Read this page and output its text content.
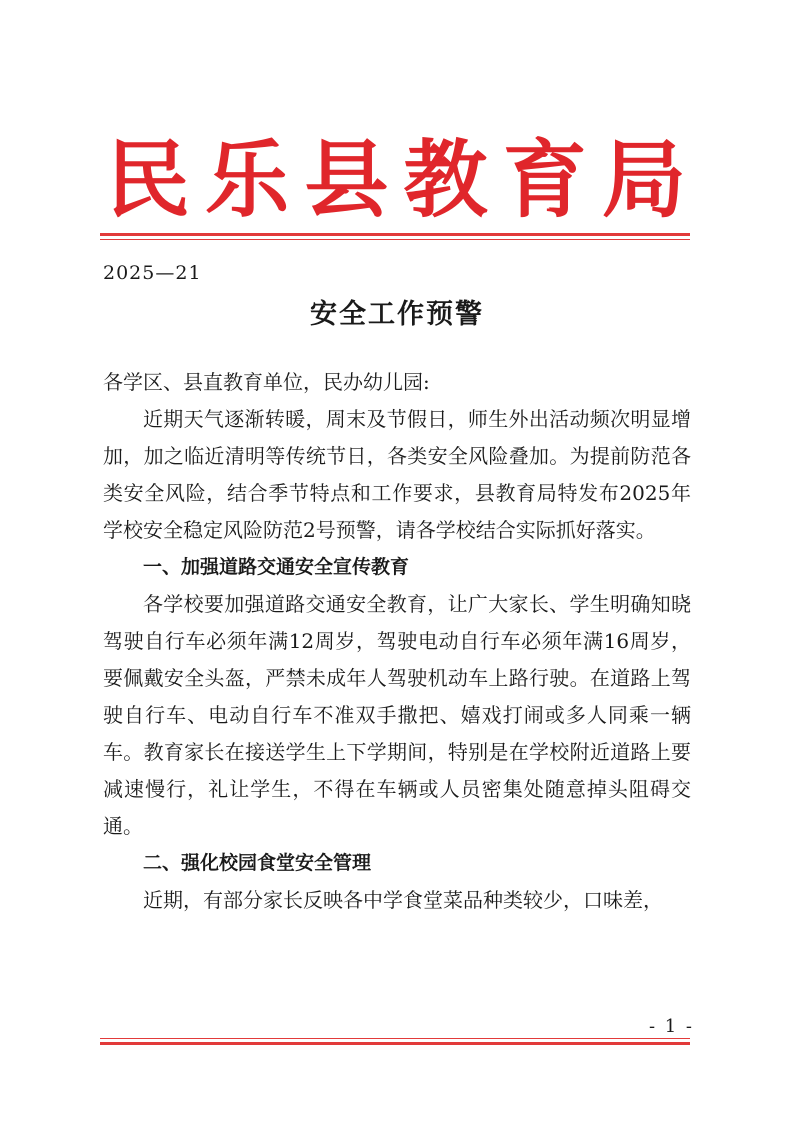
民 乐 县 教 育 局
2025—21
安全工作预警

各学区、县直教育单位，民办幼儿园:

近期天气逐渐转暖，周末及节假日，师生外出活动频次明显增加，加之临近清明等传统节日，各类安全风险叠加。为提前防范各类安全风险，结合季节特点和工作要求，县教育局特发布2025年学校安全稳定风险防范2号预警，请各学校结合实际抓好落实。

一、加强道路交通安全宣传教育

各学校要加强道路交通安全教育，让广大家长、学生明确知晓驾驶自行车必须年满12周岁，驾驶电动自行车必须年满16周岁，要佩戴安全头盔，严禁未成年人驾驶机动车上路行驶。在道路上驾驶自行车、电动自行车不准双手撒把、嬉戏打闹或多人同乘一辆车。教育家长在接送学生上下学期间，特别是在学校附近道路上要减速慢行，礼让学生，不得在车辆或人员密集处随意掉头阻碍交通。

二、强化校园食堂安全管理

近期，有部分家长反映各中学食堂菜品种类较少，口味差，

- 1 -
